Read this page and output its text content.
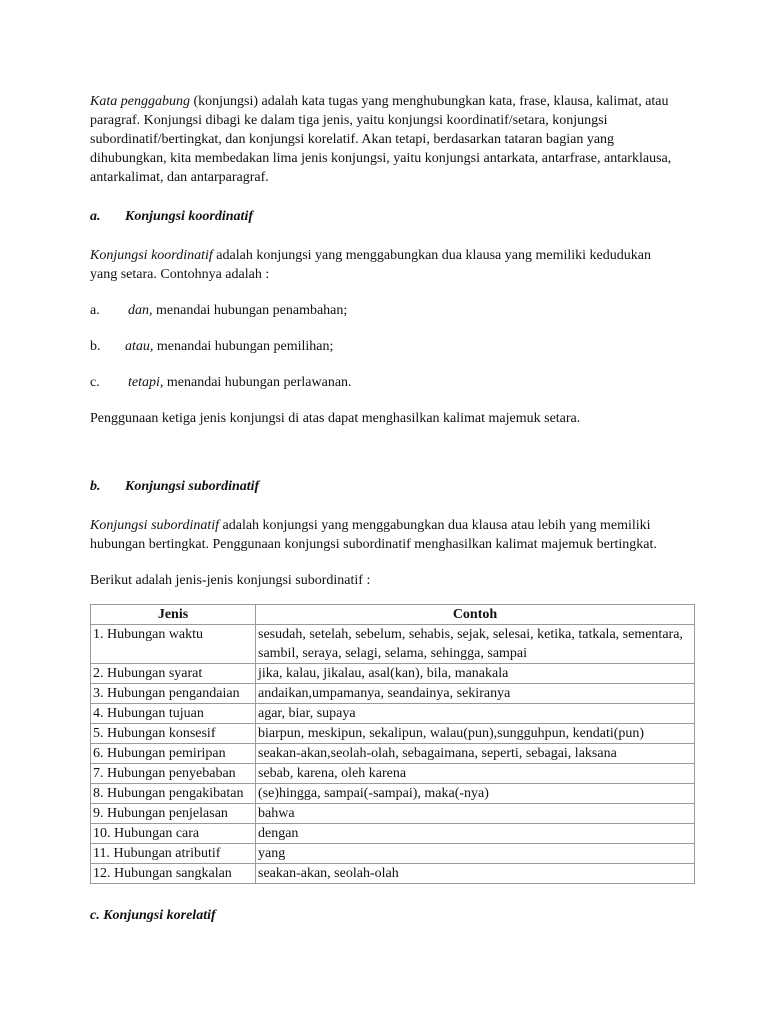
Kata penggabung (konjungsi) adalah kata tugas yang menghubungkan kata, frase, klausa, kalimat, atau paragraf. Konjungsi dibagi ke dalam tiga jenis, yaitu konjungsi koordinatif/setara, konjungsi subordinatif/bertingkat, dan konjungsi korelatif. Akan tetapi, berdasarkan tataran bagian yang dihubungkan, kita membedakan lima jenis konjungsi, yaitu konjungsi antarkata, antarfrase, antarklausa, antarkalimat, dan antarparagraf.

a. Konjungsi koordinatif

Konjungsi koordinatif adalah konjungsi yang menggabungkan dua klausa yang memiliki kedudukan yang setara. Contohnya adalah :

a.	dan, menandai hubungan penambahan;
b.	atau, menandai hubungan pemilihan;
c.	tetapi, menandai hubungan perlawanan.

Penggunaan ketiga jenis konjungsi di atas dapat menghasilkan kalimat majemuk setara.

b. Konjungsi subordinatif

Konjungsi subordinatif adalah konjungsi yang menggabungkan dua klausa atau lebih yang memiliki hubungan bertingkat. Penggunaan konjungsi subordinatif menghasilkan kalimat majemuk bertingkat.

Berikut adalah jenis-jenis konjungsi subordinatif :

Jenis	Contoh
1. Hubungan waktu	sesudah, setelah, sebelum, sehabis, sejak, selesai, ketika, tatkala, sementara, sambil, seraya, selagi, selama, sehingga, sampai
2. Hubungan syarat	jika, kalau, jikalau, asal(kan), bila, manakala
3. Hubungan pengandaian	andaikan,umpamanya, seandainya, sekiranya
4. Hubungan tujuan	agar, biar, supaya
5. Hubungan konsesif	biarpun, meskipun, sekalipun, walau(pun),sungguhpun, kendati(pun)
6. Hubungan pemiripan	seakan-akan,seolah-olah, sebagaimana, seperti, sebagai, laksana
7. Hubungan penyebaban	sebab, karena, oleh karena
8. Hubungan pengakibatan	(se)hingga, sampai(-sampai), maka(-nya)
9. Hubungan penjelasan	bahwa
10. Hubungan cara	dengan
11. Hubungan atributif	yang
12. Hubungan sangkalan	seakan-akan, seolah-olah

c. Konjungsi korelatif
